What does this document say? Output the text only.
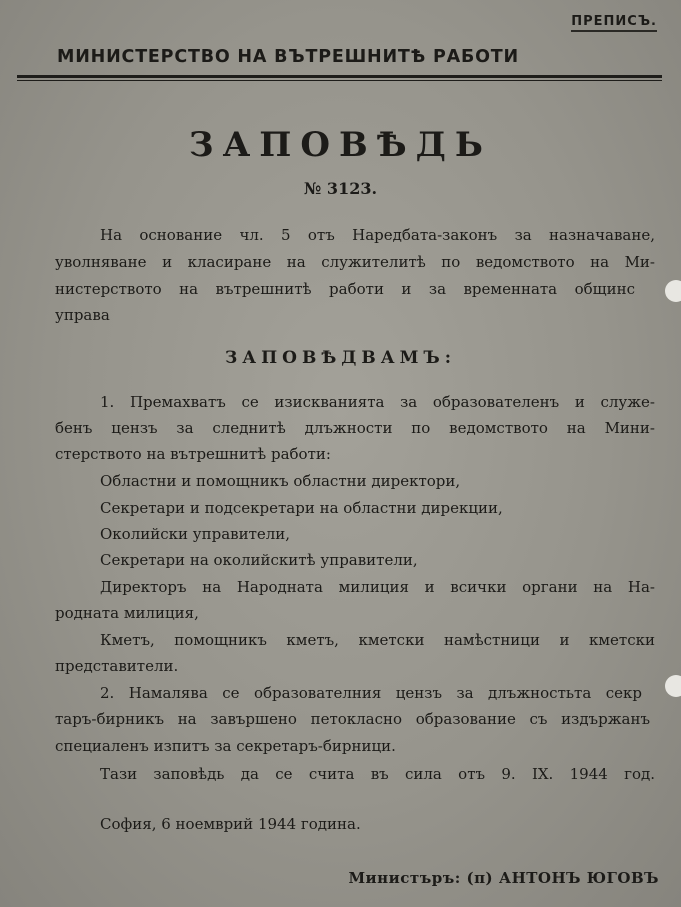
ПРЕПИСЪ.
МИНИСТЕРСТВО НА ВЪТРЕШНИТѢ РАБОТИ
ЗАПОВѢДЬ
№ 3123.
На основание чл. 5 отъ Наредбата-законъ за назначаване,
уволняване и класиране на служителитѣ по ведомството на Ми-
нистерството на вътрешнитѣ работи и за временната общинс
управа
ЗАПОВѢДВАМЪ:
1. Премахватъ се изискванията за образователенъ и служе-
бенъ цензъ за следнитѣ длъжности по ведомството на Мини-
стерството на вътрешнитѣ работи:
Областни и помощникъ областни директори,
Секретари и подсекретари на областни дирекции,
Околийски управители,
Секретари на околийскитѣ управители,
Директоръ на Народната милиция и всички органи на На-
родната милиция,
Кметъ, помощникъ кметъ, кметски намѣстници и кметски
представители.
2. Намалява се образователния цензъ за длъжностьта секр
таръ-бирникъ на завършено петокласно образование съ издържанъ
специаленъ изпитъ за секретаръ-бирници.
Тази заповѣдь да се счита въ сила отъ 9. IX. 1944 год.
София, 6 ноемврий 1944 година.
Министъръ: (п) АНТОНЪ ЮГОВЪ
